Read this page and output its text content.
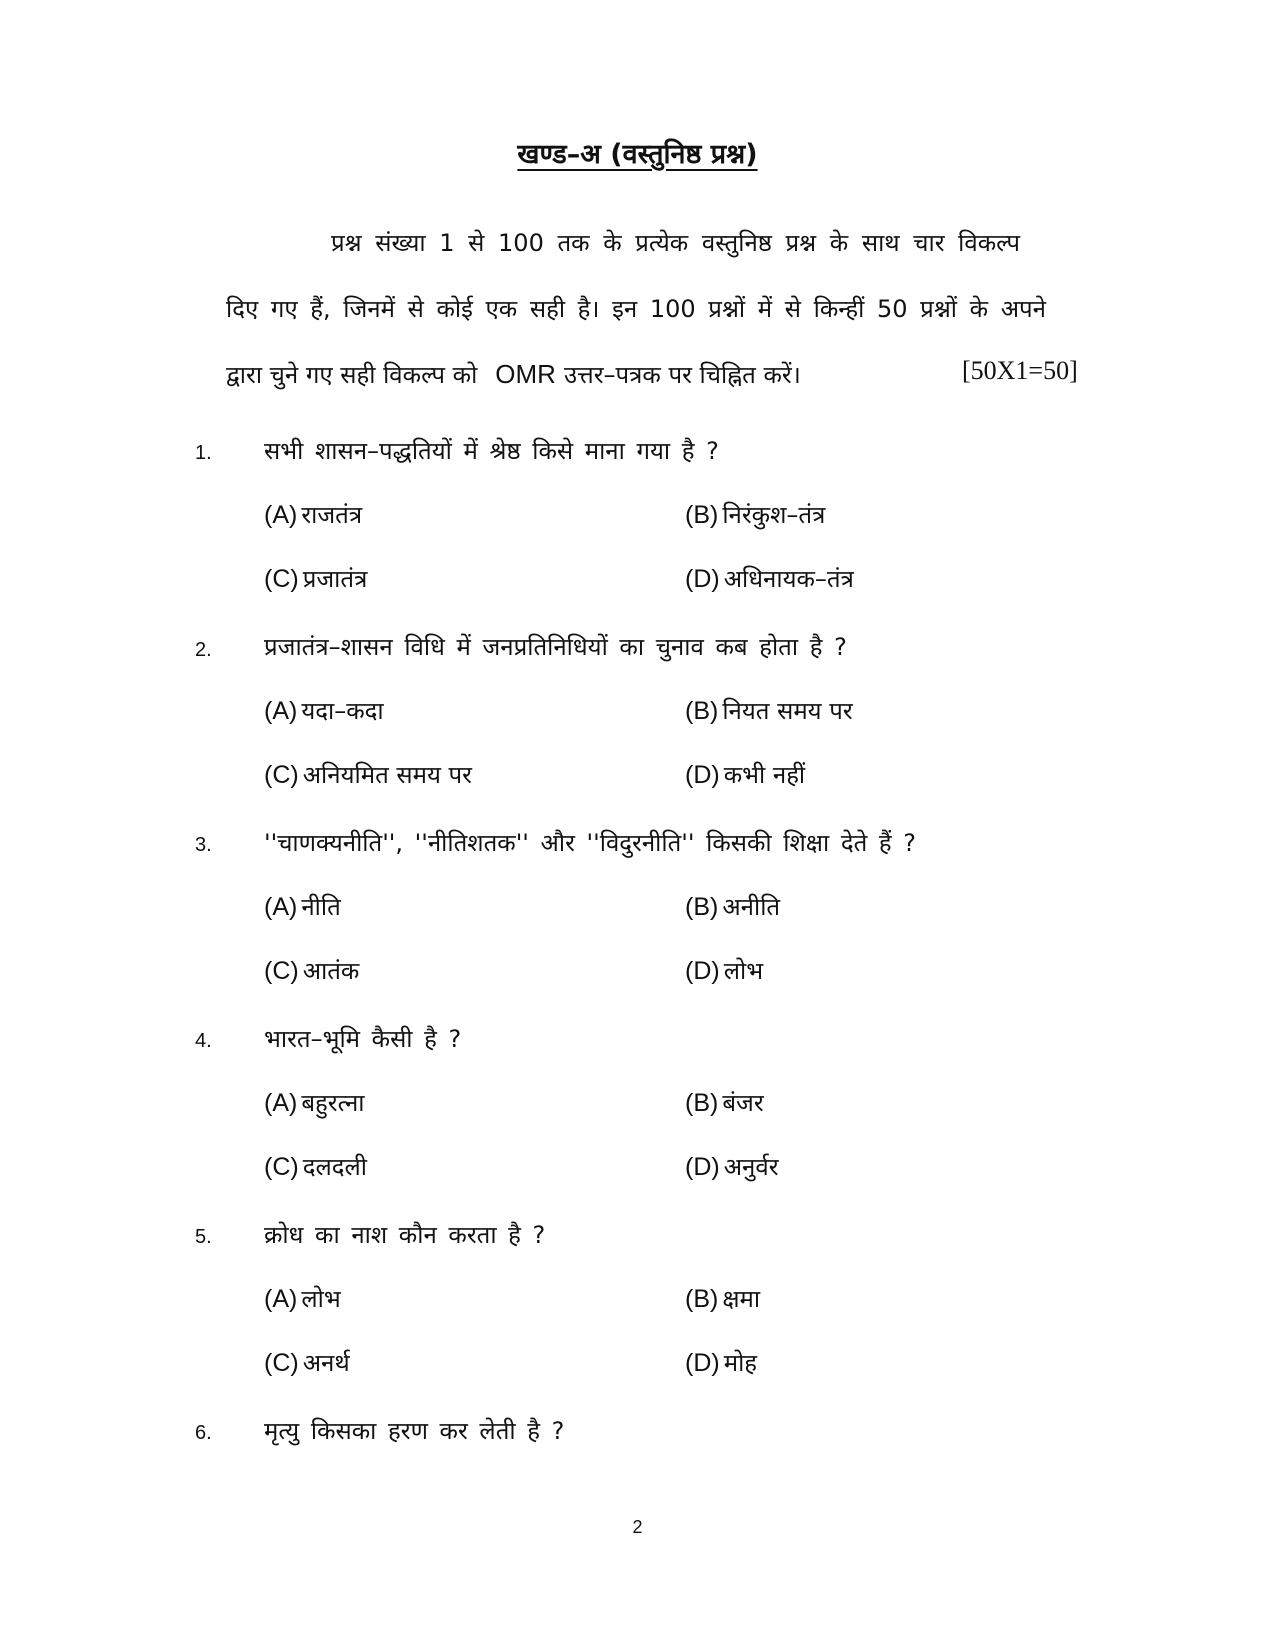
खण्ड–अ (वस्तुनिष्ठ प्रश्न)
प्रश्न संख्या 1 से 100 तक के प्रत्येक वस्तुनिष्ठ प्रश्न के साथ चार विकल्प
दिए गए हैं, जिनमें से कोई एक सही है। इन 100 प्रश्नों में से किन्हीं 50 प्रश्नों के अपने
द्वारा चुने गए सही विकल्प को OMR उत्तर–पत्रक पर चिह्नित करें।	[50X1=50]
1. सभी शासन–पद्धतियों में श्रेष्ठ किसे माना गया है ?
(A) राजतंत्र	(B) निरंकुश–तंत्र
(C) प्रजातंत्र	(D) अधिनायक–तंत्र
2. प्रजातंत्र–शासन विधि में जनप्रतिनिधियों का चुनाव कब होता है ?
(A) यदा–कदा	(B) नियत समय पर
(C) अनियमित समय पर	(D) कभी नहीं
3. ''चाणक्यनीति'', ''नीतिशतक'' और ''विदुरनीति'' किसकी शिक्षा देते हैं ?
(A) नीति	(B) अनीति
(C) आतंक	(D) लोभ
4. भारत–भूमि कैसी है ?
(A) बहुरत्ना	(B) बंजर
(C) दलदली	(D) अनुर्वर
5. क्रोध का नाश कौन करता है ?
(A) लोभ	(B) क्षमा
(C) अनर्थ	(D) मोह
6. मृत्यु किसका हरण कर लेती है ?
2
